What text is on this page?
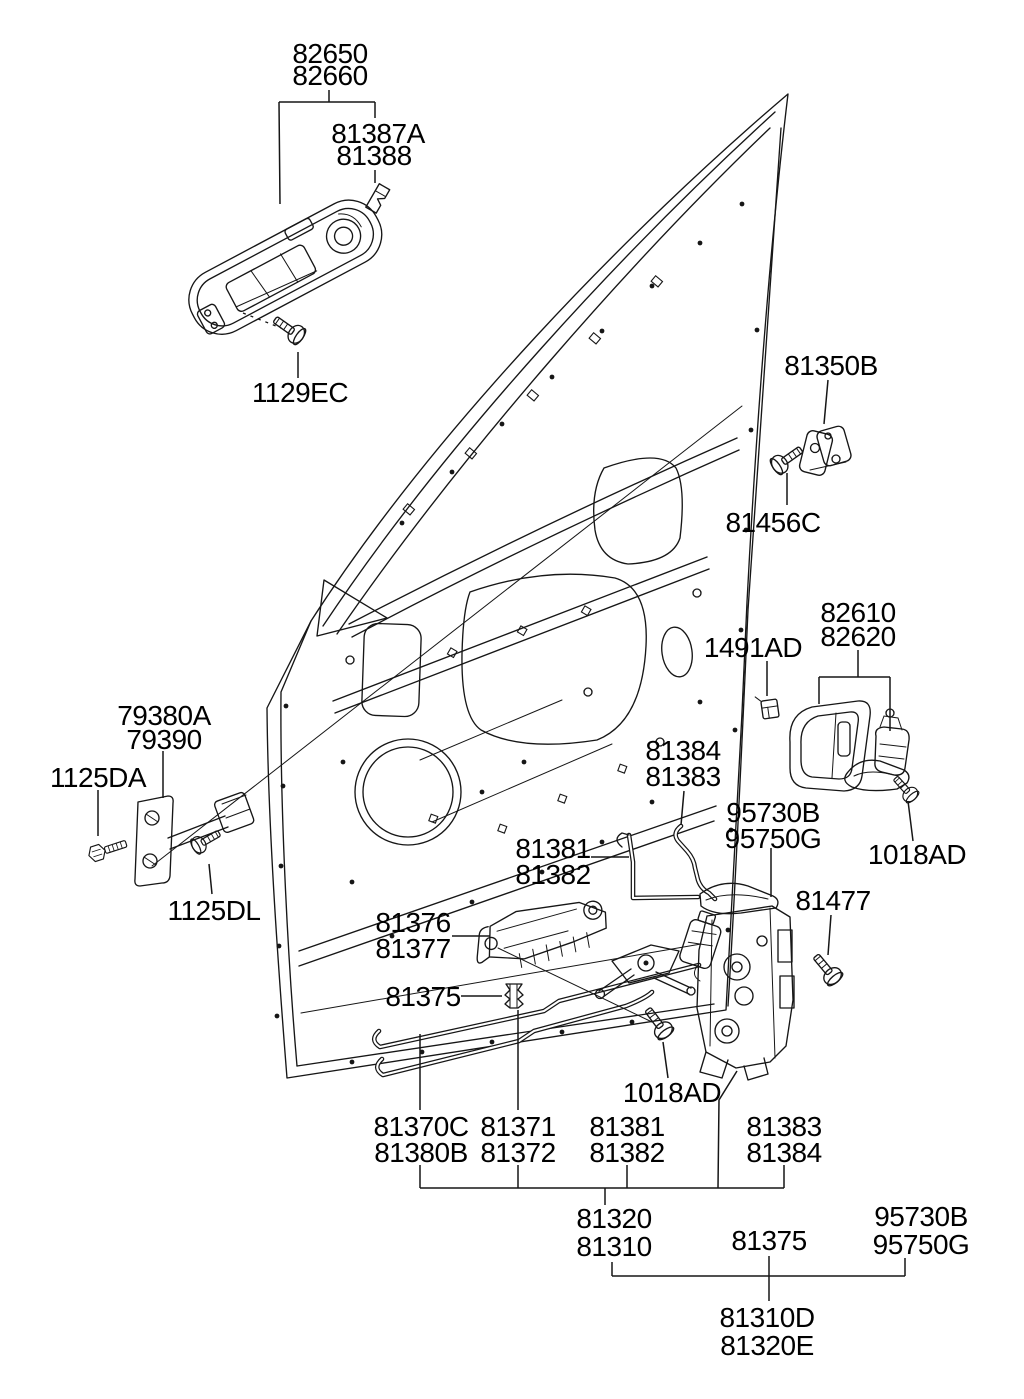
82650
82660
81387A
81388
1129EC
81350B
81456C
82610
82620
1491AD
1018AD
79380A
79390
1125DA
1125DL
81384
81383
95730B
95750G
81381
81382
81376
81377
81477
81375
1018AD
81370C
81380B
81371
81372
81381
81382
81383
81384
81320
81310	81375
95730B
95750G
81310D
81320E
